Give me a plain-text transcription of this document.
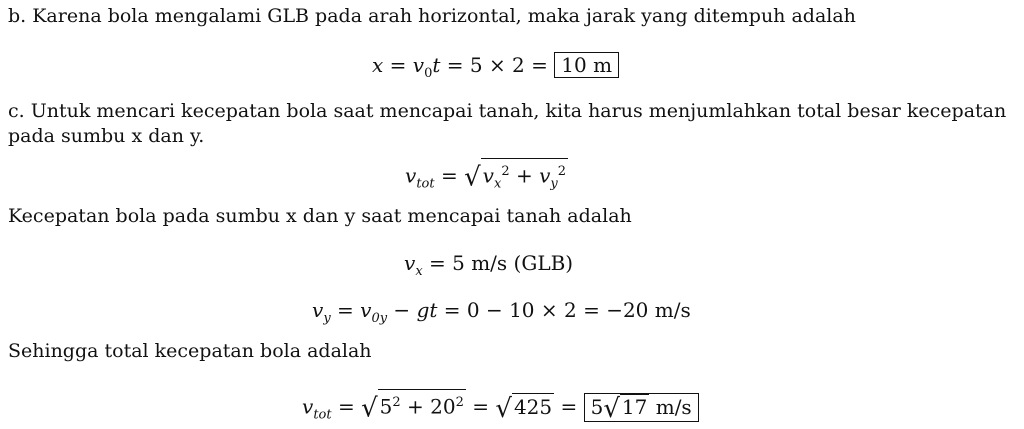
b. Karena bola mengalami GLB pada arah horizontal, maka jarak yang ditempuh adalah
$x = v_0t = 5 \times 2 = 10$ m
c. Untuk mencari kecepatan bola saat mencapai tanah, kita harus menjumlahkan total besar kecepatan
pada sumbu x dan y.
$v_{tot}$ = √ $v_x^2 + v_y^2$
Kecepatan bola pada sumbu x dan y saat mencapai tanah adalah
$v_x = 5$ m/s (GLB)
$v_y = v_{0y}$ − gt = 0 − 10 × 2 = −20 m/s
Sehingga total kecepatan bola adalah
$v_{tot}$ = √ $5^2 + 20^2$ = √ 425 = 5√ 17 m/s
